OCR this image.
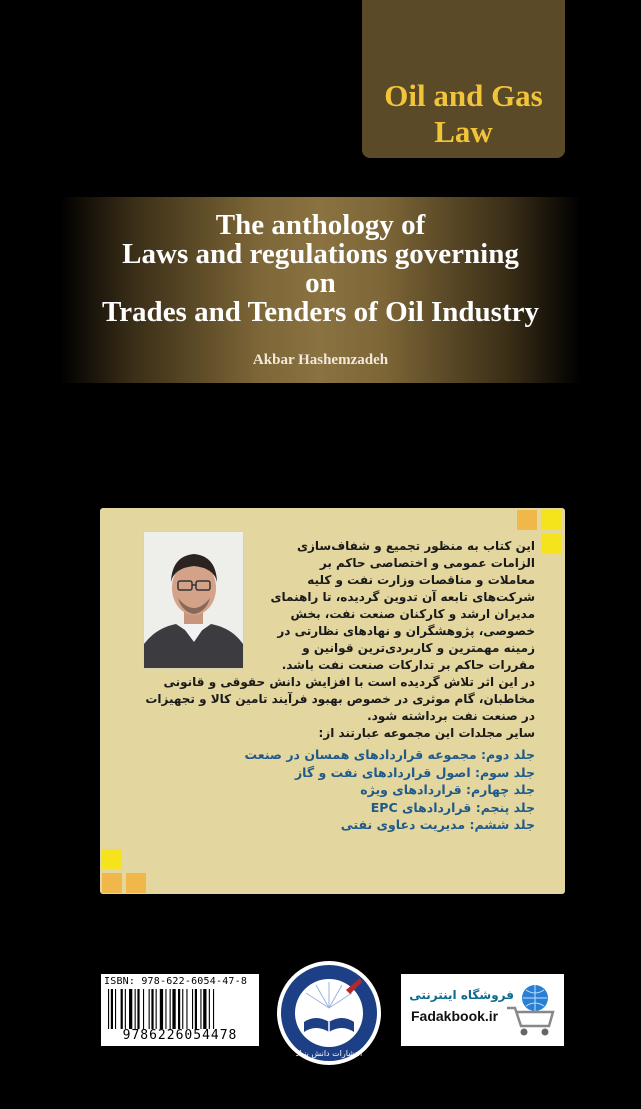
Oil and Gas
Law
The anthology of
Laws and regulations governing
on
Trades and Tenders of Oil Industry
Akbar Hashemzadeh
این کتاب به منظور تجمیع و شفاف‌سازی الزامات عمومی و اختصاصی حاکم بر معاملات و مناقصات وزارت نفت و کلیه شرکت‌های تابعه آن تدوین گردیده، تا راهنمای مدیران ارشد و کارکنان صنعت نفت، بخش خصوصی، پژوهشگران و نهادهای نظارتی در زمینه مهمترین و کاربردی‌ترین قوانین و مقررات حاکم بر تدارکات صنعت نفت باشد.
در این اثر تلاش گردیده است با افزایش دانش حقوقی و قانونی مخاطبان، گام موثری در خصوص بهبود فرآیند تامین کالا و تجهیزات در صنعت نفت برداشته شود.
سایر مجلدات این مجموعه عبارتند از:
جلد دوم: مجموعه قراردادهای همسان در صنعت
جلد سوم: اصول قراردادهای نفت و گاز
جلد چهارم: قراردادهای ویژه
جلد پنجم: قراردادهای EPC
جلد ششم: مدیریت دعاوی نفتی
ISBN: 978-622-6054-47-8
9786226054478
انتشارات دانش بنیاد
فروشگاه اینترنتی
Fadakbook.ir
